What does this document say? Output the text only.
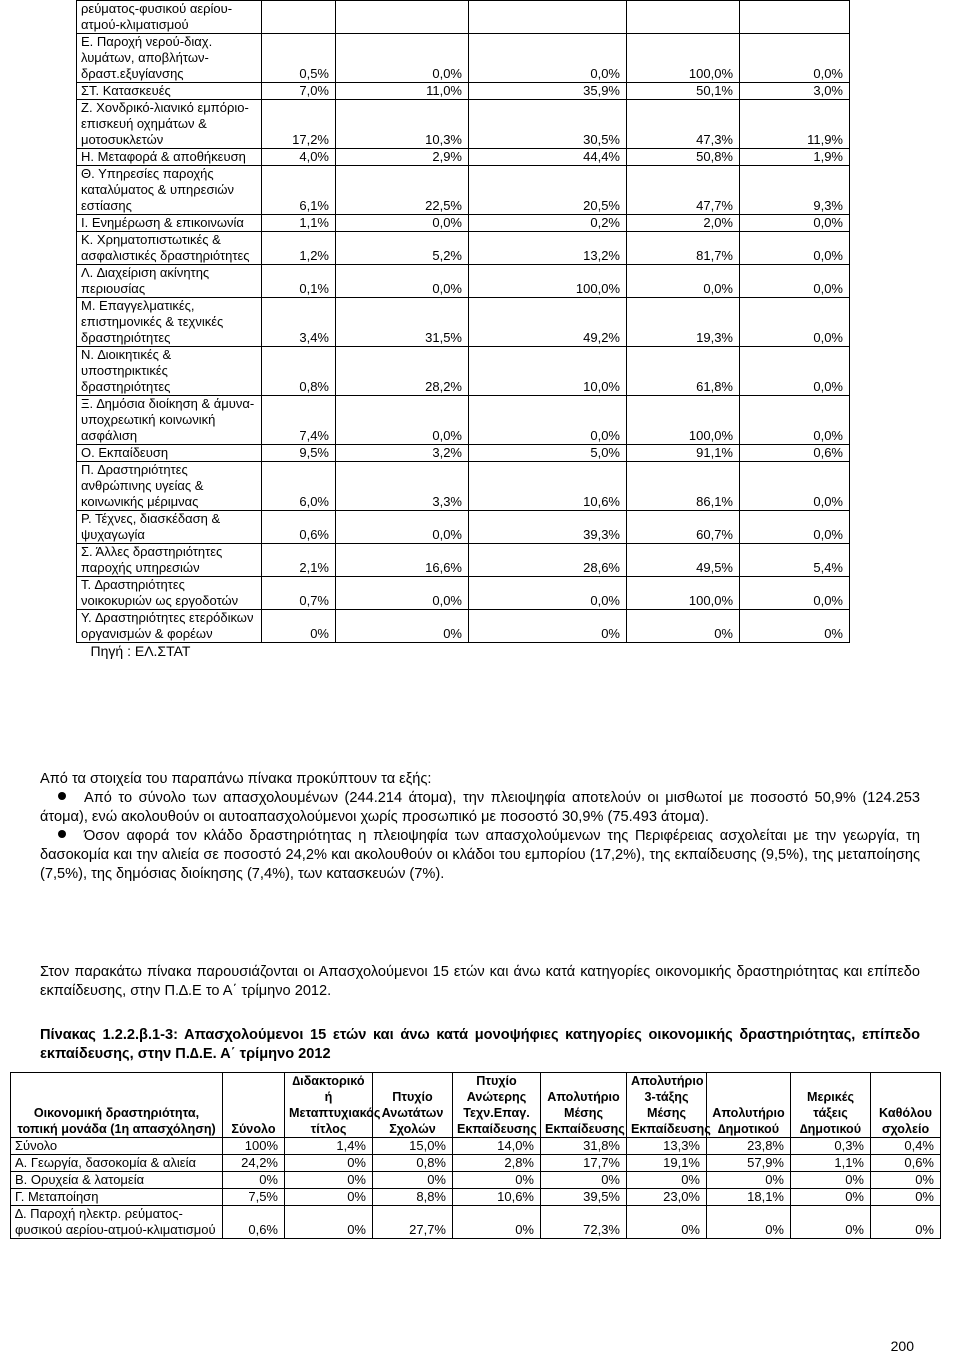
ρεύματος-φυσικού αερίου-ατμού-κλιματισμού					
Ε. Παροχή νερού-διαχ. λυμάτων, αποβλήτων-δραστ.εξυγίανσης	0,5%	0,0%	0,0%	100,0%	0,0%
ΣΤ. Κατασκευές	7,0%	11,0%	35,9%	50,1%	3,0%
Ζ. Χονδρικό-λιανικό εμπόριο-επισκευή οχημάτων & μοτοσυκλετών	17,2%	10,3%	30,5%	47,3%	11,9%
Η. Μεταφορά & αποθήκευση	4,0%	2,9%	44,4%	50,8%	1,9%
Θ. Υπηρεσίες παροχής καταλύματος & υπηρεσιών εστίασης	6,1%	22,5%	20,5%	47,7%	9,3%
Ι. Ενημέρωση & επικοινωνία	1,1%	0,0%	0,2%	2,0%	0,0%
Κ. Χρηματοπιστωτικές & ασφαλιστικές δραστηριότητες	1,2%	5,2%	13,2%	81,7%	0,0%
Λ. ∆ιαχείριση ακίνητης περιουσίας	0,1%	0,0%	100,0%	0,0%	0,0%
Μ. Επαγγελματικές, επιστημονικές & τεχνικές δραστηριότητες	3,4%	31,5%	49,2%	19,3%	0,0%
Ν. ∆ιοικητικές & υποστηρικτικές δραστηριότητες	0,8%	28,2%	10,0%	61,8%	0,0%
Ξ. ∆ημόσια διοίκηση & άμυνα-υποχρεωτική κοινωνική ασφάλιση	7,4%	0,0%	0,0%	100,0%	0,0%
Ο. Εκπαίδευση	9,5%	3,2%	5,0%	91,1%	0,6%
Π. ∆ραστηριότητες ανθρώπινης υγείας & κοινωνικής μέριμνας	6,0%	3,3%	10,6%	86,1%	0,0%
Ρ. Τέχνες, διασκέδαση & ψυχαγωγία	0,6%	0,0%	39,3%	60,7%	0,0%
Σ. Άλλες δραστηριότητες παροχής υπηρεσιών	2,1%	16,6%	28,6%	49,5%	5,4%
Τ. ∆ραστηριότητες νοικοκυριών ως εργοδοτών	0,7%	0,0%	0,0%	100,0%	0,0%
Υ. ∆ραστηριότητες ετερόδικων οργανισμών & φορέων	0%	0%	0%	0%	0%
Πηγή : ΕΛ.ΣΤΑΤ					

Από τα στοιχεία του παραπάνω πίνακα προκύπτουν τα εξής:

Από το σύνολο των απασχολουμένων (244.214 άτομα), την πλειοψηφία αποτελούν οι μισθωτοί με ποσοστό 50,9% (124.253 άτομα), ενώ ακολουθούν οι αυτοαπασχολούμενοι χωρίς προσωπικό με ποσοστό 30,9% (75.493 άτομα).

Όσον αφορά τον κλάδο δραστηριότητας η πλειοψηφία των απασχολούμενων της Περιφέρειας ασχολείται με την γεωργία, τη δασοκομία και την αλιεία σε ποσοστό 24,2% και ακολουθούν οι κλάδοι του εμπορίου (17,2%), της εκπαίδευσης (9,5%), της μεταποίησης (7,5%), της δημόσιας διοίκησης (7,4%), των κατασκευών (7%).

Στον παρακάτω πίνακα παρουσιάζονται οι Απασχολούμενοι 15 ετών και άνω κατά κατηγορίες οικονομικής δραστηριότητας και επίπεδο εκπαίδευσης, στην Π.∆.Ε το Α΄ τρίμηνο 2012.

Πίνακας 1.2.2.β.1-3: Απασχολούμενοι 15 ετών και άνω κατά μονοψήφιες κατηγορίες οικονομικής δραστηριότητας, επίπεδο εκπαίδευσης, στην Π.∆.Ε. Α΄ τρίμηνο 2012

Οικονομική δραστηριότητα, τοπική μονάδα (1η απασχόληση)	Σύνολο	∆ιδακτορικό ή Μεταπτυχιακός τίτλος	Πτυχίο Ανωτάτων Σχολών	Πτυχίο Ανώτερης Τεχν.Επαγ. Εκπαίδευσης	Απολυτήριο Μέσης Εκπαίδευσης	Απολυτήριο 3-τάξης Μέσης Εκπαίδευσης	Απολυτήριο ∆ημοτικού	Μερικές τάξεις ∆ημοτικού	Καθόλου σχολείο
Σύνολο	100%	1,4%	15,0%	14,0%	31,8%	13,3%	23,8%	0,3%	0,4%
Α. Γεωργία, δασοκομία & αλιεία	24,2%	0%	0,8%	2,8%	17,7%	19,1%	57,9%	1,1%	0,6%
Β. Ορυχεία & λατομεία	0%	0%	0%	0%	0%	0%	0%	0%	0%
Γ. Μεταποίηση	7,5%	0%	8,8%	10,6%	39,5%	23,0%	18,1%	0%	0%
∆. Παροχή ηλεκτρ. ρεύματος-φυσικού αερίου-ατμού-κλιματισμού	0,6%	0%	27,7%	0%	72,3%	0%	0%	0%	0%
200
